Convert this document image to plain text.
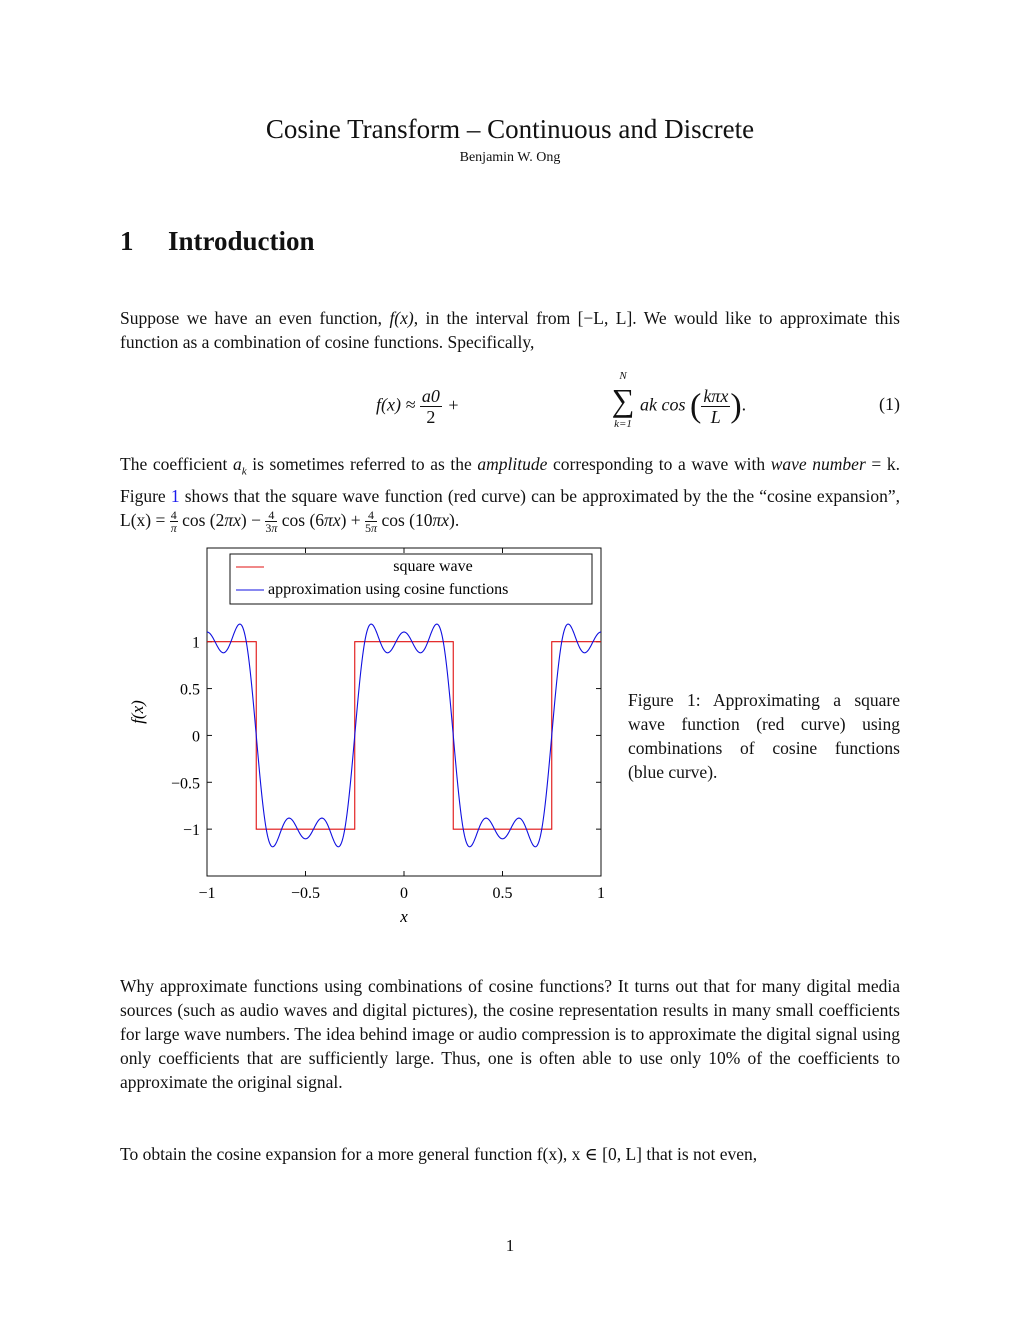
Cosine Transform – Continuous and Discrete
Benjamin W. Ong
1 Introduction
Suppose we have an even function, f(x), in the interval from [−L, L]. We would like to approximate this function as a combination of cosine functions. Specifically,
$f(x) \approx \frac{a0}{2}$ +
N
∑
k=1
ak cos ( $\frac{\text{kπx}}{L}$ ).	(1)
The coefficient $a_k$ is sometimes referred to as the amplitude corresponding to a wave with wave number = k. Figure 1 shows that the square wave function (red curve) can be approximated by the the “cosine expansion”, $L(x) = \frac{4}{\pi}$ $\cos (2\pi x) - \frac{4}{3\pi}$ $\cos (6\pi x) + \frac{4}{5\pi}$ cos (10πx).
−1	−0.5	0	0.5	1
1
0.5
0
−0.5
−1
x
f(x)
square wave
approximation using cosine functions
Figure 1: Approximating a square wave function (red curve) using combinations of cosine functions (blue curve).
Why approximate functions using combinations of cosine functions? It turns out that for many digital media sources (such as audio waves and digital pictures), the cosine representation results in many small coefficients for large wave numbers. The idea behind image or audio compression is to approximate the digital signal using only coefficients that are sufficiently large. Thus, one is often able to use only 10% of the coefficients to approximate the original signal.
To obtain the cosine expansion for a more general function f(x), x ∈ [0, L] that is not even,
1
